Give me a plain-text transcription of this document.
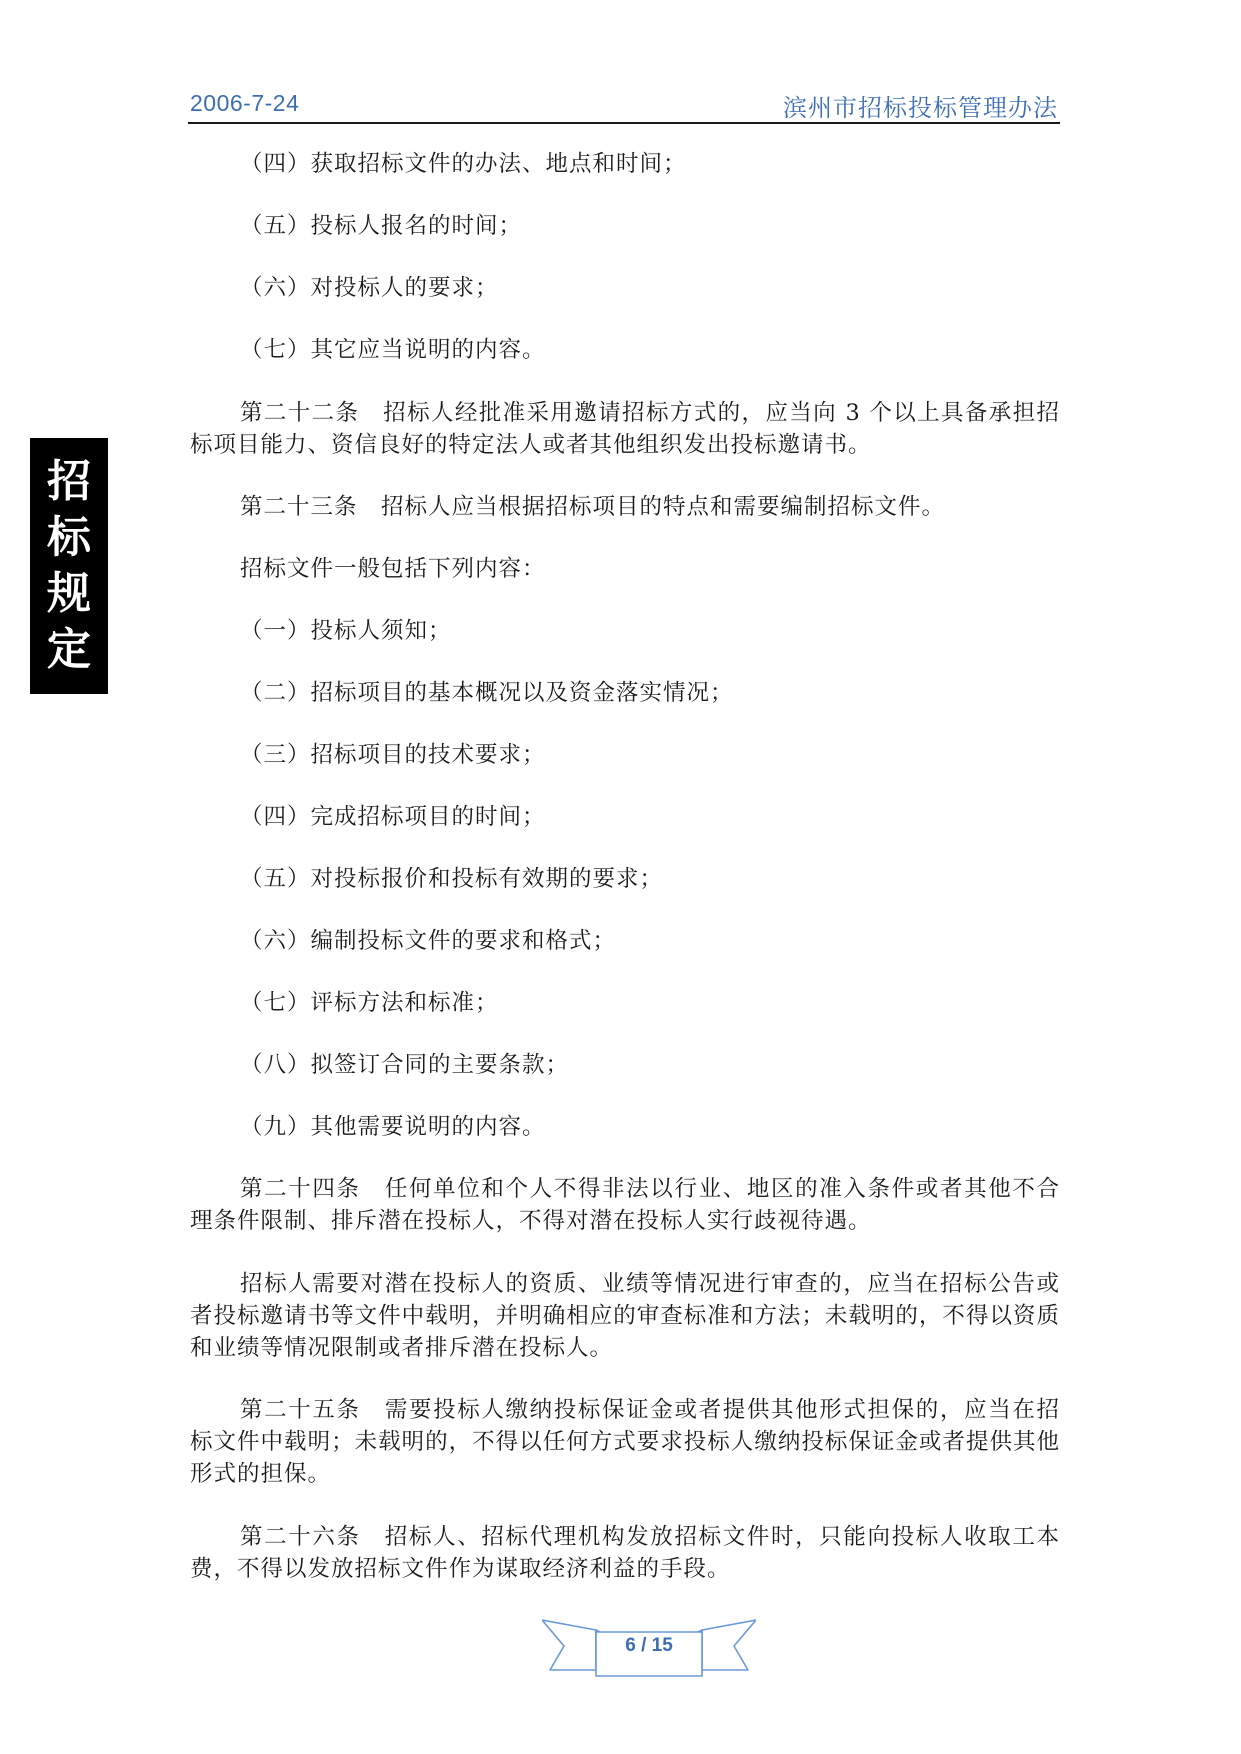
2006-7-24	滨州市招标投标管理办法
招
标
规
定

（四）获取招标文件的办法、地点和时间；

（五）投标人报名的时间；

（六）对投标人的要求；

（七）其它应当说明的内容。

第二十二条　招标人经批准采用邀请招标方式的，应当向 3 个以上具备承担招标项目能力、资信良好的特定法人或者其他组织发出投标邀请书。

第二十三条　招标人应当根据招标项目的特点和需要编制招标文件。

招标文件一般包括下列内容：

（一）投标人须知；

（二）招标项目的基本概况以及资金落实情况；

（三）招标项目的技术要求；

（四）完成招标项目的时间；

（五）对投标报价和投标有效期的要求；

（六）编制投标文件的要求和格式；

（七）评标方法和标准；

（八）拟签订合同的主要条款；

（九）其他需要说明的内容。

第二十四条　任何单位和个人不得非法以行业、地区的准入条件或者其他不合理条件限制、排斥潜在投标人，不得对潜在投标人实行歧视待遇。

招标人需要对潜在投标人的资质、业绩等情况进行审查的，应当在招标公告或者投标邀请书等文件中载明，并明确相应的审查标准和方法；未载明的，不得以资质和业绩等情况限制或者排斥潜在投标人。

第二十五条　需要投标人缴纳投标保证金或者提供其他形式担保的，应当在招标文件中载明；未载明的，不得以任何方式要求投标人缴纳投标保证金或者提供其他形式的担保。

第二十六条　招标人、招标代理机构发放招标文件时，只能向投标人收取工本费，不得以发放招标文件作为谋取经济利益的手段。

6 / 15
